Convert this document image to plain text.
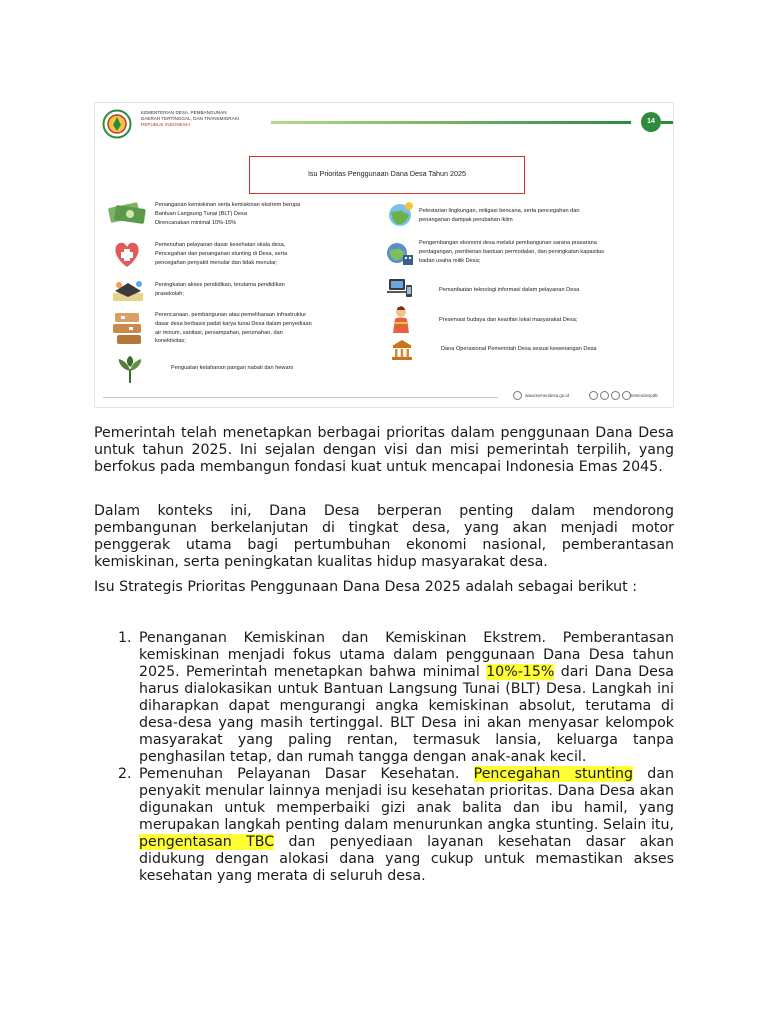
KEMENTERIAN DESA, PEMBANGUNAN
DAERAH TERTINGGAL, DAN TRANSMIGRASI
REPUBLIK INDONESIA	14
Isu Prioritas Penggunaan Dana Desa Tahun 2025
Penanganan kemiskinan serta kemiskinan ekstrem berupa
Bantuan Langsung Tunai (BLT) Desa
Direncanakan minimal 10%-15%
Pemenuhan pelayanan dasar kesehatan skala desa,
Pencegahan dan penanganan stunting di Desa, serta
pencegahan penyakit menular dan tidak menular;
Peningkatan akses pendidikan, terutama pendidikan
prasekolah;
Perencanaan, pembangunan atau pemeliharaan infrastruktur
dasar desa berbasis padat karya tunai Desa dalam penyediaan
air minum, sanitasi, persampahan, perumahan, dan
konektivitas;
Penguatan ketahanan pangan nabati dan hewani
Pelestarian lingkungan, mitigasi bencana, serta pencegahan dan
penanganan dampak perubahan iklim
Pengembangan ekonomi desa melalui pembangunan sarana prasarana
perdagangan, pemberian bantuan permodalan, dan peningkatan kapasitas
badan usaha milik Desa;
Pemanfaatan teknologi informasi dalam pelayanan Desa
Preservasi budaya dan kearifan lokal masyarakat Desa;
Dana Operasional Pemerintah Desa sesuai kewenangan Desa
www.kemendesa.go.id	kemendespdtt

Pemerintah telah menetapkan berbagai prioritas dalam penggunaan Dana Desa untuk tahun 2025. Ini sejalan dengan visi dan misi pemerintah terpilih, yang berfokus pada membangun fondasi kuat untuk mencapai Indonesia Emas 2045.

Dalam konteks ini, Dana Desa berperan penting dalam mendorong pembangunan berkelanjutan di tingkat desa, yang akan menjadi motor penggerak utama bagi pertumbuhan ekonomi nasional, pemberantasan kemiskinan, serta peningkatan kualitas hidup masyarakat desa.

Isu Strategis Prioritas Penggunaan Dana Desa 2025 adalah sebagai berikut :

1. Penanganan Kemiskinan dan Kemiskinan Ekstrem. Pemberantasan kemiskinan menjadi fokus utama dalam penggunaan Dana Desa tahun 2025. Pemerintah menetapkan bahwa minimal 10%-15% dari Dana Desa harus dialokasikan untuk Bantuan Langsung Tunai (BLT) Desa. Langkah ini diharapkan dapat mengurangi angka kemiskinan absolut, terutama di desa-desa yang masih tertinggal. BLT Desa ini akan menyasar kelompok masyarakat yang paling rentan, termasuk lansia, keluarga tanpa penghasilan tetap, dan rumah tangga dengan anak-anak kecil.
2. Pemenuhan Pelayanan Dasar Kesehatan. Pencegahan stunting dan penyakit menular lainnya menjadi isu kesehatan prioritas. Dana Desa akan digunakan untuk memperbaiki gizi anak balita dan ibu hamil, yang merupakan langkah penting dalam menurunkan angka stunting. Selain itu, pengentasan TBC dan penyediaan layanan kesehatan dasar akan didukung dengan alokasi dana yang cukup untuk memastikan akses kesehatan yang merata di seluruh desa.
